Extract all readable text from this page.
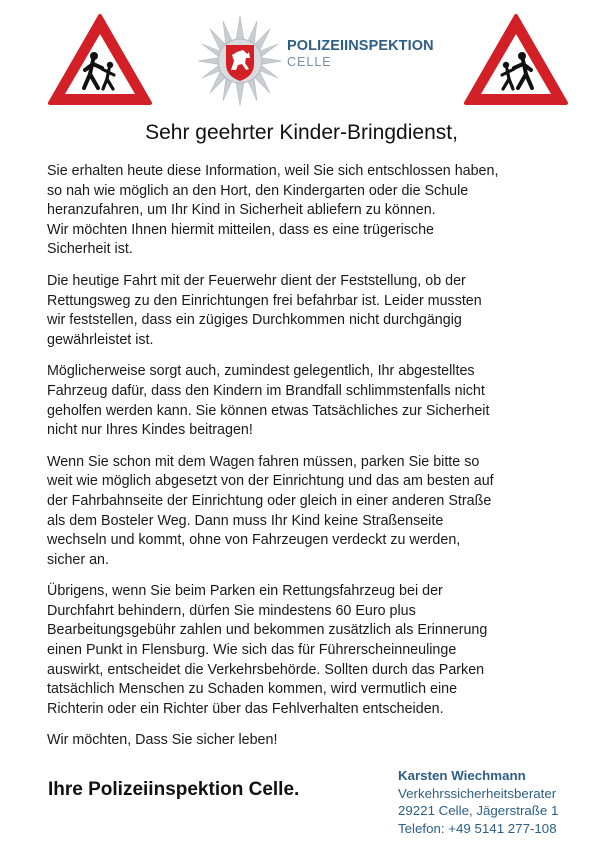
POLIZEIINSPEKTION
CELLE
Sehr geehrter Kinder-Bringdienst,

Sie erhalten heute diese Information, weil Sie sich entschlossen haben,
so nah wie möglich an den Hort, den Kindergarten oder die Schule
heranzufahren, um Ihr Kind in Sicherheit abliefern zu können.
Wir möchten Ihnen hiermit mitteilen, dass es eine trügerische
Sicherheit ist.

Die heutige Fahrt mit der Feuerwehr dient der Feststellung, ob der
Rettungsweg zu den Einrichtungen frei befahrbar ist. Leider mussten
wir feststellen, dass ein zügiges Durchkommen nicht durchgängig
gewährleistet ist.

Möglicherweise sorgt auch, zumindest gelegentlich, Ihr abgestelltes
Fahrzeug dafür, dass den Kindern im Brandfall schlimmstenfalls nicht
geholfen werden kann. Sie können etwas Tatsächliches zur Sicherheit
nicht nur Ihres Kindes beitragen!

Wenn Sie schon mit dem Wagen fahren müssen, parken Sie bitte so
weit wie möglich abgesetzt von der Einrichtung und das am besten auf
der Fahrbahnseite der Einrichtung oder gleich in einer anderen Straße
als dem Bosteler Weg. Dann muss Ihr Kind keine Straßenseite
wechseln und kommt, ohne von Fahrzeugen verdeckt zu werden,
sicher an.

Übrigens, wenn Sie beim Parken ein Rettungsfahrzeug bei der
Durchfahrt behindern, dürfen Sie mindestens 60 Euro plus
Bearbeitungsgebühr zahlen und bekommen zusätzlich als Erinnerung
einen Punkt in Flensburg. Wie sich das für Führerscheinneulinge
auswirkt, entscheidet die Verkehrsbehörde. Sollten durch das Parken
tatsächlich Menschen zu Schaden kommen, wird vermutlich eine
Richterin oder ein Richter über das Fehlverhalten entscheiden.

Wir möchten, Dass Sie sicher leben!

Ihre Polizeiinspektion Celle.
Karsten Wiechmann
Verkehrssicherheitsberater
29221 Celle, Jägerstraße 1
Telefon: +49 5141 277-108
